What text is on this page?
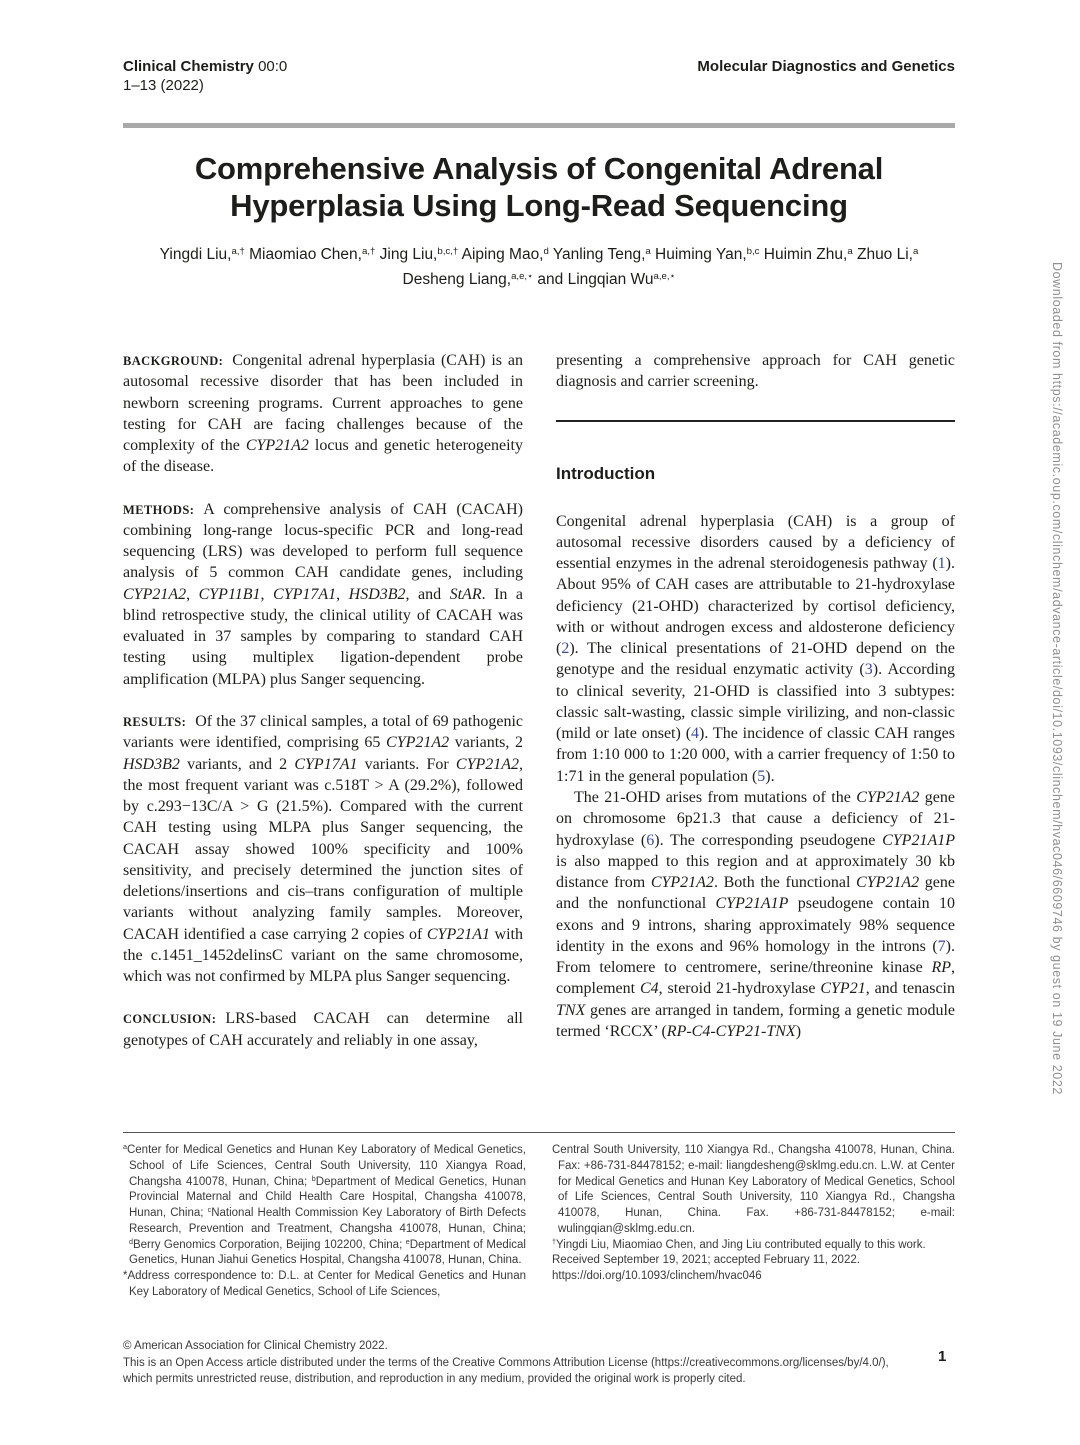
Downloaded from https://academic.oup.com/clinchem/advance-article/doi/10.1093/clinchem/hvac046/6609746 by guest on 19 June 2022
Clinical Chemistry 00:0
1–13 (2022)
Molecular Diagnostics and Genetics
Comprehensive Analysis of Congenital Adrenal Hyperplasia Using Long-Read Sequencing
Yingdi Liu,$^{a,\dagger}$ Miaomiao Chen,$^{a,\dagger}$ Jing Liu,$^{b,c,\dagger}$ Aiping Mao,$^d$ Yanling Teng,$^a$ Huiming Yan,$^{b,c}$ Huimin Zhu,$^a$ Zhuo Li,$^a$
Desheng Liang,$^{a,e,⋆}$ and Lingqian $Wu^{a,e,⋆}$

BACKGROUND: Congenital adrenal hyperplasia (CAH) is an autosomal recessive disorder that has been included in newborn screening programs. Current approaches to gene testing for CAH are facing challenges because of the complexity of the CYP21A2 locus and genetic heterogeneity of the disease.

METHODS: A comprehensive analysis of CAH (CACAH) combining long-range locus-specific PCR and long-read sequencing (LRS) was developed to perform full sequence analysis of 5 common CAH candidate genes, including CYP21A2, CYP11B1, CYP17A1, HSD3B2, and StAR. In a blind retrospective study, the clinical utility of CACAH was evaluated in 37 samples by comparing to standard CAH testing using multiplex ligation-dependent probe amplification (MLPA) plus Sanger sequencing.

RESULTS: Of the 37 clinical samples, a total of 69 pathogenic variants were identified, comprising 65 CYP21A2 variants, 2 HSD3B2 variants, and 2 CYP17A1 variants. For CYP21A2, the most frequent variant was c.518T > A (29.2%), followed by c.293−13C/A > G (21.5%). Compared with the current CAH testing using MLPA plus Sanger sequencing, the CACAH assay showed 100% specificity and 100% sensitivity, and precisely determined the junction sites of deletions/insertions and cis–trans configuration of multiple variants without analyzing family samples. Moreover, CACAH identified a case carrying 2 copies of CYP21A1 with the c.1451_1452delinsC variant on the same chromosome, which was not confirmed by MLPA plus Sanger sequencing.

CONCLUSION: LRS-based CACAH can determine all genotypes of CAH accurately and reliably in one assay,

presenting a comprehensive approach for CAH genetic diagnosis and carrier screening.

Introduction

Congenital adrenal hyperplasia (CAH) is a group of autosomal recessive disorders caused by a deficiency of essential enzymes in the adrenal steroidogenesis pathway (1). About 95% of CAH cases are attributable to 21-hydroxylase deficiency (21-OHD) characterized by cortisol deficiency, with or without androgen excess and aldosterone deficiency (2). The clinical presentations of 21-OHD depend on the genotype and the residual enzymatic activity (3). According to clinical severity, 21-OHD is classified into 3 subtypes: classic salt-wasting, classic simple virilizing, and non-classic (mild or late onset) (4). The incidence of classic CAH ranges from 1:10 000 to 1:20 000, with a carrier frequency of 1:50 to 1:71 in the general population (5).

The 21-OHD arises from mutations of the CYP21A2 gene on chromosome 6p21.3 that cause a deficiency of 21-hydroxylase (6). The corresponding pseudogene CYP21A1P is also mapped to this region and at approximately 30 kb distance from CYP21A2. Both the functional CYP21A2 gene and the nonfunctional CYP21A1P pseudogene contain 10 exons and 9 introns, sharing approximately 98% sequence identity in the exons and 96% homology in the introns (7). From telomere to centromere, serine/threonine kinase RP, complement C4, steroid 21-hydroxylase CYP21, and tenascin TNX genes are arranged in tandem, forming a genetic module termed ‘RCCX’ (RP-C4-CYP21-TNX)

$^a$Center for Medical Genetics and Hunan Key Laboratory of Medical Genetics, School of Life Sciences, Central South University, 110 Xiangya Road, Changsha 410078, Hunan, China; $^b$Department of Medical Genetics, Hunan Provincial Maternal and Child Health Care Hospital, Changsha 410078, Hunan, China; $^c$National Health Commission Key Laboratory of Birth Defects Research, Prevention and Treatment, Changsha 410078, Hunan, China; $^d$Berry Genomics Corporation, Beijing 102200, China; $^e$Department of Medical Genetics, Hunan Jiahui Genetics Hospital, Changsha 410078, Hunan, China.

*Address correspondence to: D.L. at Center for Medical Genetics and Hunan Key Laboratory of Medical Genetics, School of Life Sciences,

Central South University, 110 Xiangya Rd., Changsha 410078, Hunan, China. Fax: +86-731-84478152; e-mail: liangdesheng@sklmg.edu.cn. L.W. at Center for Medical Genetics and Hunan Key Laboratory of Medical Genetics, School of Life Sciences, Central South University, 110 Xiangya Rd., Changsha 410078, Hunan, China. Fax. +86-731-84478152; e-mail: wulingqian@sklmg.edu.cn.

†Yingdi Liu, Miaomiao Chen, and Jing Liu contributed equally to this work.

Received September 19, 2021; accepted February 11, 2022.

https://doi.org/10.1093/clinchem/hvac046

© American Association for Clinical Chemistry 2022.

This is an Open Access article distributed under the terms of the Creative Commons Attribution License (https://creativecommons.org/licenses/by/4.0/), which permits unrestricted reuse, distribution, and reproduction in any medium, provided the original work is properly cited.

1
